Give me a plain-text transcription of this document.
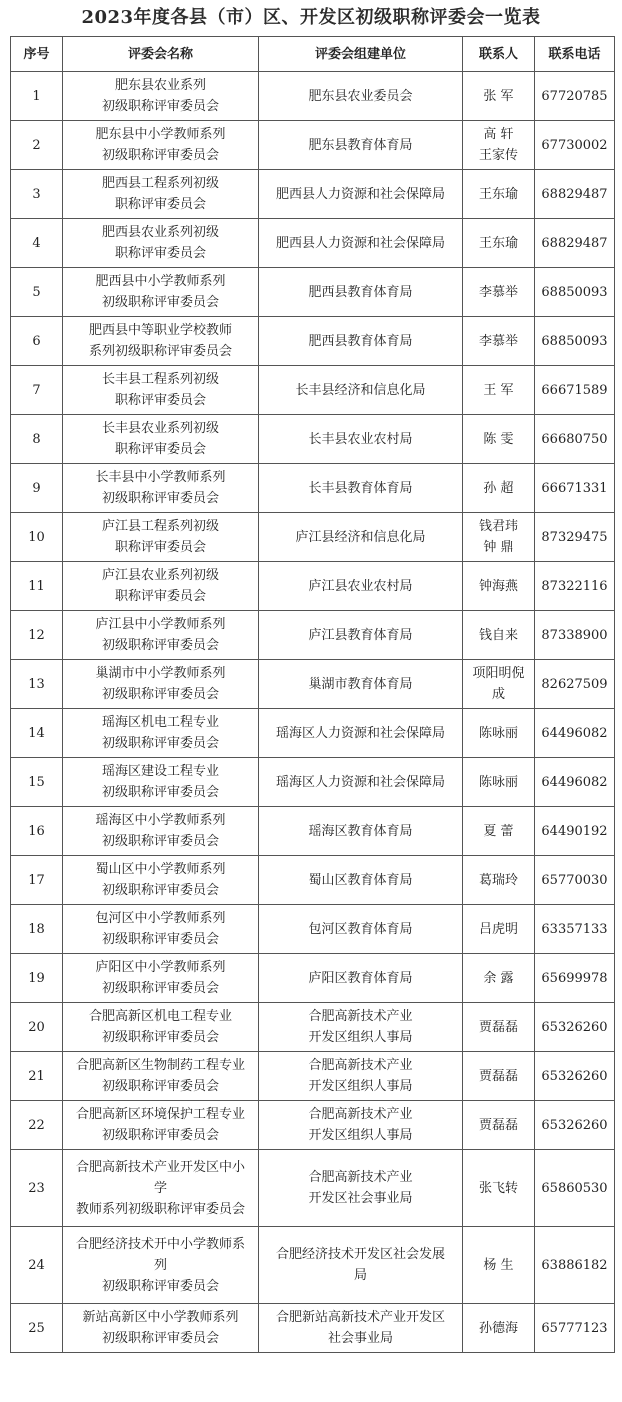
2023年度各县（市）区、开发区初级职称评委会一览表
序号	评委会名称	评委会组建单位	联系人	联系电话
1	肥东县农业系列
初级职称评审委员会	肥东县农业委员会	张 军	67720785
2	肥东县中小学教师系列
初级职称评审委员会	肥东县教育体育局	高 轩
王家传	67730002
3	肥西县工程系列初级
职称评审委员会	肥西县人力资源和社会保障局	王东瑜	68829487
4	肥西县农业系列初级
职称评审委员会	肥西县人力资源和社会保障局	王东瑜	68829487
5	肥西县中小学教师系列
初级职称评审委员会	肥西县教育体育局	李慕举	68850093
6	肥西县中等职业学校教师
系列初级职称评审委员会	肥西县教育体育局	李慕举	68850093
7	长丰县工程系列初级
职称评审委员会	长丰县经济和信息化局	王 军	66671589
8	长丰县农业系列初级
职称评审委员会	长丰县农业农村局	陈 雯	66680750
9	长丰县中小学教师系列
初级职称评审委员会	长丰县教育体育局	孙 超	66671331
10	庐江县工程系列初级
职称评审委员会	庐江县经济和信息化局	钱君玮
钟 鼎	87329475
11	庐江县农业系列初级
职称评审委员会	庐江县农业农村局	钟海燕	87322116
12	庐江县中小学教师系列
初级职称评审委员会	庐江县教育体育局	钱自来	87338900
13	巢湖市中小学教师系列
初级职称评审委员会	巢湖市教育体育局	项阳明倪
成	82627509
14	瑶海区机电工程专业
初级职称评审委员会	瑶海区人力资源和社会保障局	陈咏丽	64496082
15	瑶海区建设工程专业
初级职称评审委员会	瑶海区人力资源和社会保障局	陈咏丽	64496082
16	瑶海区中小学教师系列
初级职称评审委员会	瑶海区教育体育局	夏 蕾	64490192
17	蜀山区中小学教师系列
初级职称评审委员会	蜀山区教育体育局	葛瑞玲	65770030
18	包河区中小学教师系列
初级职称评审委员会	包河区教育体育局	吕虎明	63357133
19	庐阳区中小学教师系列
初级职称评审委员会	庐阳区教育体育局	余 露	65699978
20	合肥高新区机电工程专业
初级职称评审委员会	合肥高新技术产业
开发区组织人事局	贾磊磊	65326260
21	合肥高新区生物制药工程专业
初级职称评审委员会	合肥高新技术产业
开发区组织人事局	贾磊磊	65326260
22	合肥高新区环境保护工程专业
初级职称评审委员会	合肥高新技术产业
开发区组织人事局	贾磊磊	65326260
23	合肥高新技术产业开发区中小
学
教师系列初级职称评审委员会	合肥高新技术产业
开发区社会事业局	张飞转	65860530
24	合肥经济技术开中小学教师系
列
初级职称评审委员会	合肥经济技术开发区社会发展
局	杨 生	63886182
25	新站高新区中小学教师系列
初级职称评审委员会	合肥新站高新技术产业开发区
社会事业局	孙德海	65777123
